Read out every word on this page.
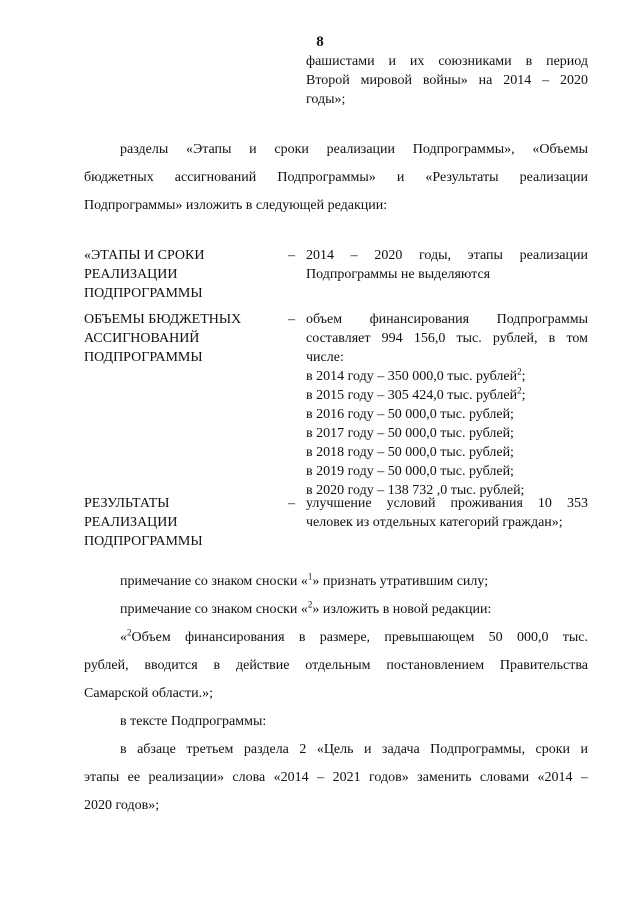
8
фашистами и их союзниками в период
Второй мировой войны» на 2014 – 2020
годы»;
разделы «Этапы и сроки реализации Подпрограммы», «Объемы
бюджетных ассигнований Подпрограммы» и «Результаты реализации
Подпрограммы» изложить в следующей редакции:
«ЭТАПЫ И СРОКИ
РЕАЛИЗАЦИИ
ПОДПРОГРАММЫ
– 2014 – 2020 годы, этапы реализации
Подпрограммы не выделяются
ОБЪЕМЫ БЮДЖЕТНЫХ
АССИГНОВАНИЙ
ПОДПРОГРАММЫ
– объем финансирования Подпрограммы
составляет 994 156,0 тыс. рублей, в том
числе:
в 2014 году – 350 000,0 тыс. рублей$^2$;
в 2015 году – 305 424,0 тыс. рублей$^2$;
в 2016 году – 50 000,0 тыс. рублей;
в 2017 году – 50 000,0 тыс. рублей;
в 2018 году – 50 000,0 тыс. рублей;
в 2019 году – 50 000,0 тыс. рублей;
в 2020 году – 138 732 ,0 тыс. рублей;
РЕЗУЛЬТАТЫ
РЕАЛИЗАЦИИ
ПОДПРОГРАММЫ
– улучшение условий проживания 10 353
человек из отдельных категорий граждан»;
примечание со знаком сноски «$^1$» признать утратившим силу;
примечание со знаком сноски «$^2$» изложить в новой редакции:
«$^2$Объем финансирования в размере, превышающем 50 000,0 тыс.
рублей, вводится в действие отдельным постановлением Правительства
Самарской области.»;
в тексте Подпрограммы:
в абзаце третьем раздела 2 «Цель и задача Подпрограммы, сроки и
этапы ее реализации» слова «2014 – 2021 годов» заменить словами «2014 –
2020 годов»;
